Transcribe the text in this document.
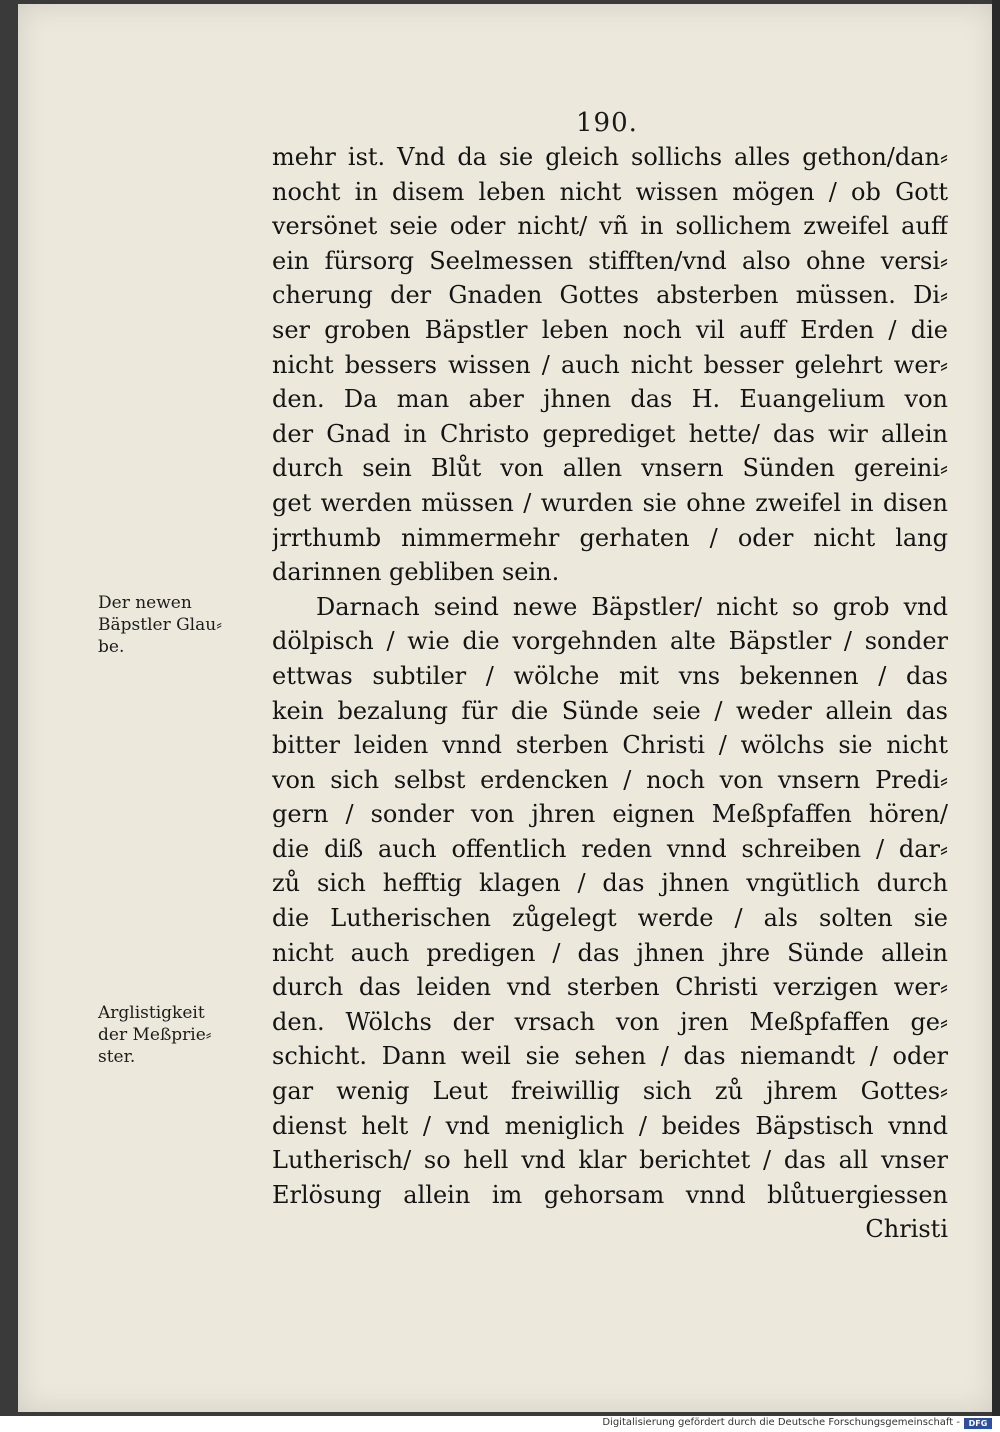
190.
Der newen
Bäpstler Glau⸗
be.
Arglistigkeit
der Meßprie⸗
ster.
mehr ist. Vnd da sie gleich sollichs alles gethon/dan⸗
nocht in disem leben nicht wissen mögen / ob Gott
versönet seie oder nicht/ vñ in sollichem zweifel auff
ein fürsorg Seelmessen stifften/vnd also ohne versi⸗
cherung der Gnaden Gottes absterben müssen. Di⸗
ser groben Bäpstler leben noch vil auff Erden / die
nicht bessers wissen / auch nicht besser gelehrt wer⸗
den. Da man aber jhnen das H. Euangelium von
der Gnad in Christo geprediget hette/ das wir allein
durch sein Blůt von allen vnsern Sünden gereini⸗
get werden müssen / wurden sie ohne zweifel in disen
jrrthumb nimmermehr gerhaten / oder nicht lang
darinnen gebliben sein.
Darnach seind newe Bäpstler/ nicht so grob vnd
dölpisch / wie die vorgehnden alte Bäpstler / sonder
ettwas subtiler / wölche mit vns bekennen / das
kein bezalung für die Sünde seie / weder allein das
bitter leiden vnnd sterben Christi / wölchs sie nicht
von sich selbst erdencken / noch von vnsern Predi⸗
gern / sonder von jhren eignen Meßpfaffen hören/
die diß auch offentlich reden vnnd schreiben / dar⸗
zů sich hefftig klagen / das jhnen vngütlich durch
die Lutherischen zůgelegt werde / als solten sie
nicht auch predigen / das jhnen jhre Sünde allein
durch das leiden vnd sterben Christi verzigen wer⸗
den. Wölchs der vrsach von jren Meßpfaffen ge⸗
schicht. Dann weil sie sehen / das niemandt / oder
gar wenig Leut freiwillig sich zů jhrem Gottes⸗
dienst helt / vnd meniglich / beides Bäpstisch vnnd
Lutherisch/ so hell vnd klar berichtet / das all vnser
Erlösung allein im gehorsam vnnd blůtuergiessen
Christi
Digitalisierung gefördert durch die Deutsche Forschungsgemeinschaft -	DFG
